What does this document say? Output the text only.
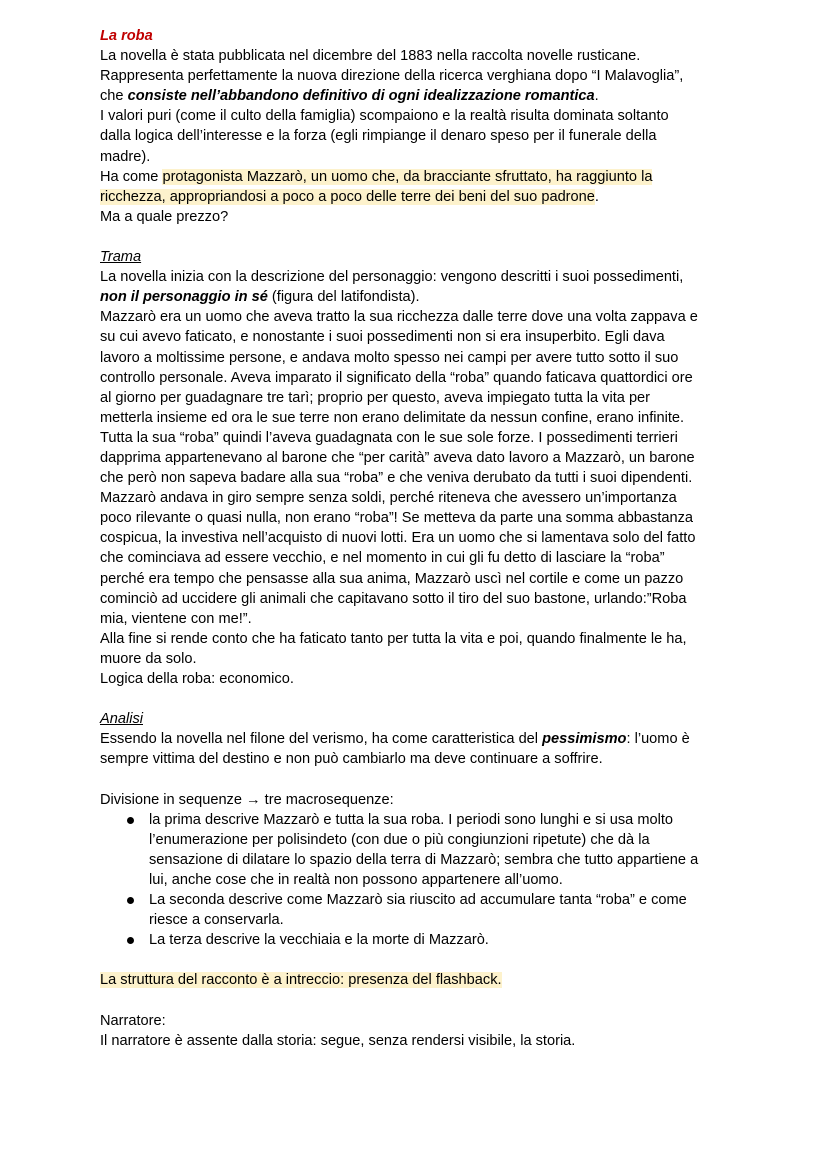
La roba
La novella è stata pubblicata nel dicembre del 1883 nella raccolta novelle rusticane.
Rappresenta perfettamente la nuova direzione della ricerca verghiana dopo “I Malavoglia”,
che consiste nell’abbandono definitivo di ogni idealizzazione romantica.
I valori puri (come il culto della famiglia) scompaiono e la realtà risulta dominata soltanto
dalla logica dell’interesse e la forza (egli rimpiange il denaro speso per il funerale della
madre).
Ha come protagonista Mazzarò, un uomo che, da bracciante sfruttato, ha raggiunto la
ricchezza, appropriandosi a poco a poco delle terre dei beni del suo padrone.
Ma a quale prezzo?
Trama
La novella inizia con la descrizione del personaggio: vengono descritti i suoi possedimenti,
non il personaggio in sé (figura del latifondista).
Mazzarò era un uomo che aveva tratto la sua ricchezza dalle terre dove una volta zappava e
su cui avevo faticato, e nonostante i suoi possedimenti non si era insuperbito. Egli dava
lavoro a moltissime persone, e andava molto spesso nei campi per avere tutto sotto il suo
controllo personale. Aveva imparato il significato della “roba” quando faticava quattordici ore
al giorno per guadagnare tre tarì; proprio per questo, aveva impiegato tutta la vita per
metterla insieme ed ora le sue terre non erano delimitate da nessun confine, erano infinite.
Tutta la sua “roba” quindi l’aveva guadagnata con le sue sole forze. I possedimenti terrieri
dapprima appartenevano al barone che “per carità” aveva dato lavoro a Mazzarò, un barone
che però non sapeva badare alla sua “roba” e che veniva derubato da tutti i suoi dipendenti.
Mazzarò andava in giro sempre senza soldi, perché riteneva che avessero un’importanza
poco rilevante o quasi nulla, non erano “roba”! Se metteva da parte una somma abbastanza
cospicua, la investiva nell’acquisto di nuovi lotti. Era un uomo che si lamentava solo del fatto
che cominciava ad essere vecchio, e nel momento in cui gli fu detto di lasciare la “roba”
perché era tempo che pensasse alla sua anima, Mazzarò uscì nel cortile e come un pazzo
cominciò ad uccidere gli animali che capitavano sotto il tiro del suo bastone, urlando:”Roba
mia, vientene con me!”.
Alla fine si rende conto che ha faticato tanto per tutta la vita e poi, quando finalmente le ha,
muore da solo.
Logica della roba: economico.
Analisi
Essendo la novella nel filone del verismo, ha come caratteristica del pessimismo: l’uomo è
sempre vittima del destino e non può cambiarlo ma deve continuare a soffrire.
Divisione in sequenze → tre macrosequenze:
la prima descrive Mazzarò e tutta la sua roba. I periodi sono lunghi e si usa molto
l’enumerazione per polisindeto (con due o più congiunzioni ripetute) che dà la
sensazione di dilatare lo spazio della terra di Mazzarò; sembra che tutto appartiene a
lui, anche cose che in realtà non possono appartenere all’uomo.
La seconda descrive come Mazzarò sia riuscito ad accumulare tanta “roba” e come
riesce a conservarla.
La terza descrive la vecchiaia e la morte di Mazzarò.
La struttura del racconto è a intreccio: presenza del flashback.
Narratore:
Il narratore è assente dalla storia: segue, senza rendersi visibile, la storia.
